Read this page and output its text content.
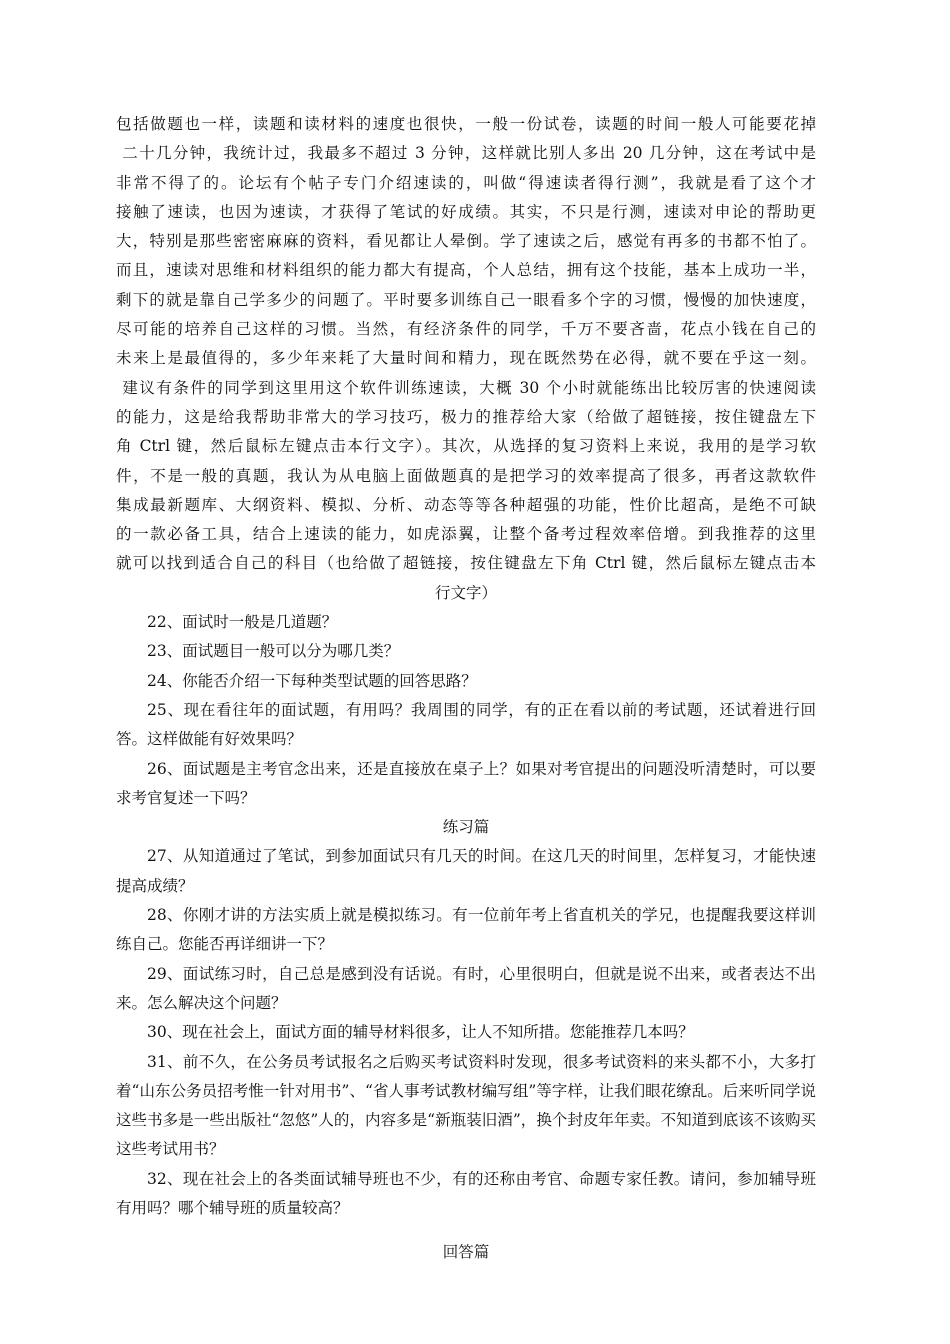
包括做题也一样，读题和读材料的速度也很快，一般一份试卷，读题的时间一般人可能要花掉
二十几分钟，我统计过，我最多不超过 3 分钟，这样就比别人多出 20 几分钟，这在考试中是
非常不得了的。论坛有个帖子专门介绍速读的，叫做“得速读者得行测”，我就是看了这个才
接触了速读，也因为速读，才获得了笔试的好成绩。其实，不只是行测，速读对申论的帮助更
大，特别是那些密密麻麻的资料，看见都让人晕倒。学了速读之后，感觉有再多的书都不怕了。
而且，速读对思维和材料组织的能力都大有提高，个人总结，拥有这个技能，基本上成功一半，
剩下的就是靠自己学多少的问题了。平时要多训练自己一眼看多个字的习惯，慢慢的加快速度，
尽可能的培养自己这样的习惯。当然，有经济条件的同学，千万不要吝啬，花点小钱在自己的
未来上是最值得的，多少年来耗了大量时间和精力，现在既然势在必得，就不要在乎这一刻。
建议有条件的同学到这里用这个软件训练速读，大概 30 个小时就能练出比较厉害的快速阅读
的能力，这是给我帮助非常大的学习技巧，极力的推荐给大家（给做了超链接，按住键盘左下
角 Ctrl 键，然后鼠标左键点击本行文字）。其次，从选择的复习资料上来说，我用的是学习软
件，不是一般的真题，我认为从电脑上面做题真的是把学习的效率提高了很多，再者这款软件
集成最新题库、大纲资料、模拟、分析、动态等等各种超强的功能，性价比超高，是绝不可缺
的一款必备工具，结合上速读的能力，如虎添翼，让整个备考过程效率倍增。到我推荐的这里
就可以找到适合自己的科目（也给做了超链接，按住键盘左下角 Ctrl 键，然后鼠标左键点击本
行文字）

22、面试时一般是几道题？

23、面试题目一般可以分为哪几类？

24、你能否介绍一下每种类型试题的回答思路？

25、现在看往年的面试题，有用吗？我周围的同学，有的正在看以前的考试题，还试着进行回答。这样做能有好效果吗？

26、面试题是主考官念出来，还是直接放在桌子上？如果对考官提出的问题没听清楚时，可以要求考官复述一下吗？

练习篇

27、从知道通过了笔试，到参加面试只有几天的时间。在这几天的时间里，怎样复习，才能快速提高成绩？

28、你刚才讲的方法实质上就是模拟练习。有一位前年考上省直机关的学兄，也提醒我要这样训练自己。您能否再详细讲一下？

29、面试练习时，自己总是感到没有话说。有时，心里很明白，但就是说不出来，或者表达不出来。怎么解决这个问题？

30、现在社会上，面试方面的辅导材料很多，让人不知所措。您能推荐几本吗？

31、前不久，在公务员考试报名之后购买考试资料时发现，很多考试资料的来头都不小，大多打着“山东公务员招考惟一针对用书”、“省人事考试教材编写组”等字样，让我们眼花缭乱。后来听同学说这些书多是一些出版社“忽悠”人的，内容多是“新瓶装旧酒”，换个封皮年年卖。不知道到底该不该购买这些考试用书？

32、现在社会上的各类面试辅导班也不少，有的还称由考官、命题专家任教。请问，参加辅导班有用吗？哪个辅导班的质量较高？

回答篇
